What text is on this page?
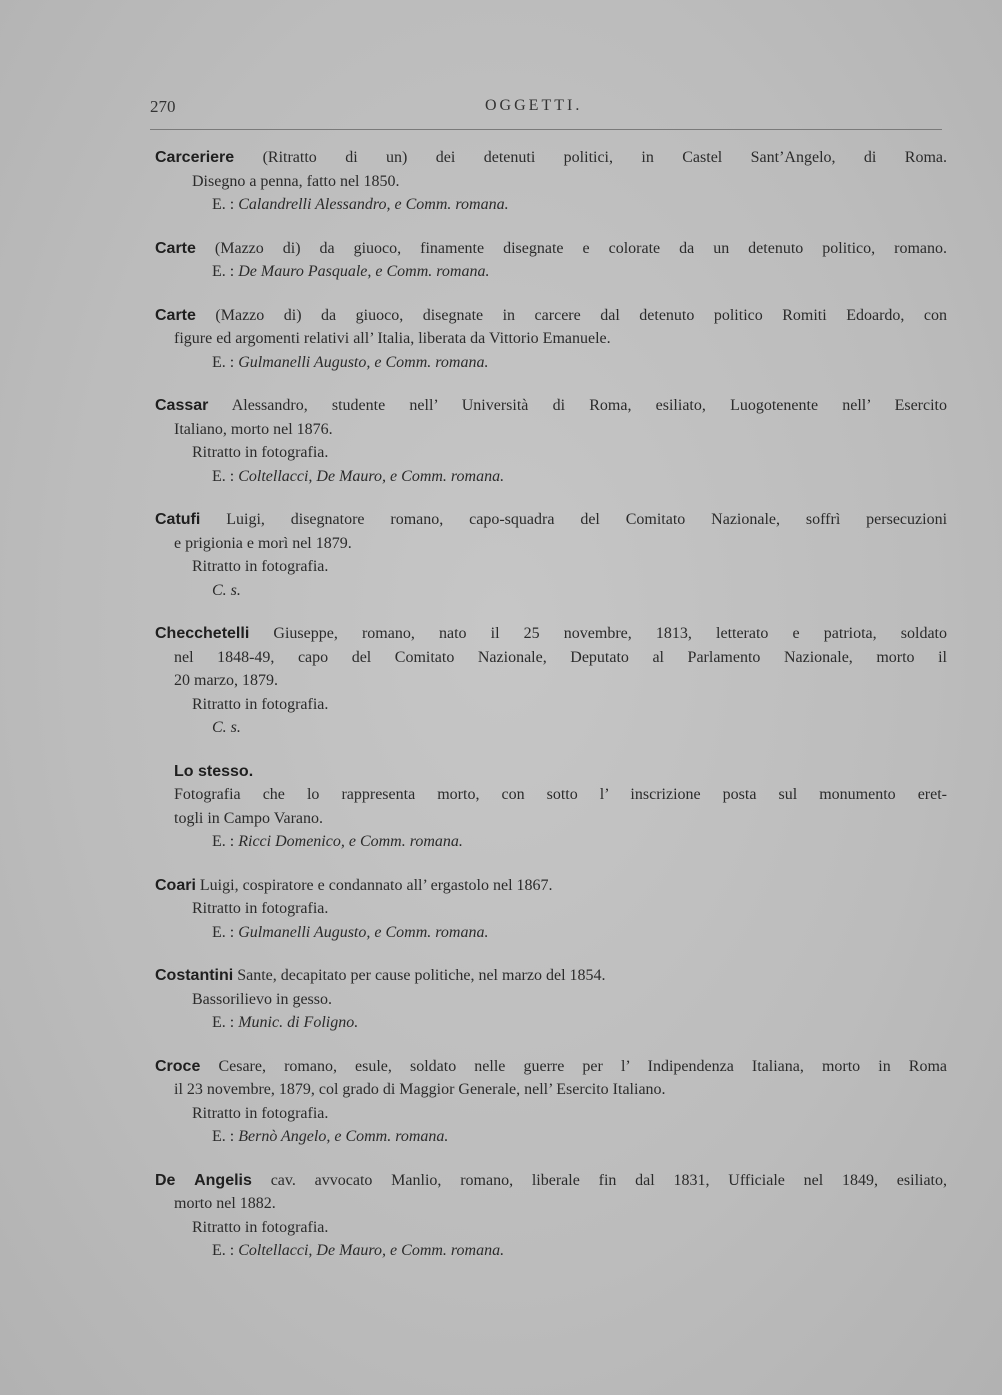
270	OGGETTI.
Carceriere (Ritratto di un) dei detenuti politici, in Castel Sant’Angelo, di Roma.
Disegno a penna, fatto nel 1850.
E. : Calandrelli Alessandro, e Comm. romana.
Carte (Mazzo di) da giuoco, finamente disegnate e colorate da un detenuto politico, romano.
E. : De Mauro Pasquale, e Comm. romana.
Carte (Mazzo di) da giuoco, disegnate in carcere dal detenuto politico Romiti Edoardo, con
figure ed argomenti relativi all’ Italia, liberata da Vittorio Emanuele.
E. : Gulmanelli Augusto, e Comm. romana.
Cassar Alessandro, studente nell’ Università di Roma, esiliato, Luogotenente nell’ Esercito
Italiano, morto nel 1876.
Ritratto in fotografia.
E. : Coltellacci, De Mauro, e Comm. romana.
Catufi Luigi, disegnatore romano, capo-squadra del Comitato Nazionale, soffrì persecuzioni
e prigionia e morì nel 1879.
Ritratto in fotografia.
C. s.
Checchetelli Giuseppe, romano, nato il 25 novembre, 1813, letterato e patriota, soldato
nel 1848-49, capo del Comitato Nazionale, Deputato al Parlamento Nazionale, morto il
20 marzo, 1879.
Ritratto in fotografia.
C. s.
Lo stesso.
Fotografia che lo rappresenta morto, con sotto l’ inscrizione posta sul monumento eret-
togli in Campo Varano.
E. : Ricci Domenico, e Comm. romana.
Coari Luigi, cospiratore e condannato all’ ergastolo nel 1867.
Ritratto in fotografia.
E. : Gulmanelli Augusto, e Comm. romana.
Costantini Sante, decapitato per cause politiche, nel marzo del 1854.
Bassorilievo in gesso.
E. : Munic. di Foligno.
Croce Cesare, romano, esule, soldato nelle guerre per l’ Indipendenza Italiana, morto in Roma
il 23 novembre, 1879, col grado di Maggior Generale, nell’ Esercito Italiano.
Ritratto in fotografia.
E. : Bernò Angelo, e Comm. romana.
De Angelis cav. avvocato Manlio, romano, liberale fin dal 1831, Ufficiale nel 1849, esiliato,
morto nel 1882.
Ritratto in fotografia.
E. : Coltellacci, De Mauro, e Comm. romana.
